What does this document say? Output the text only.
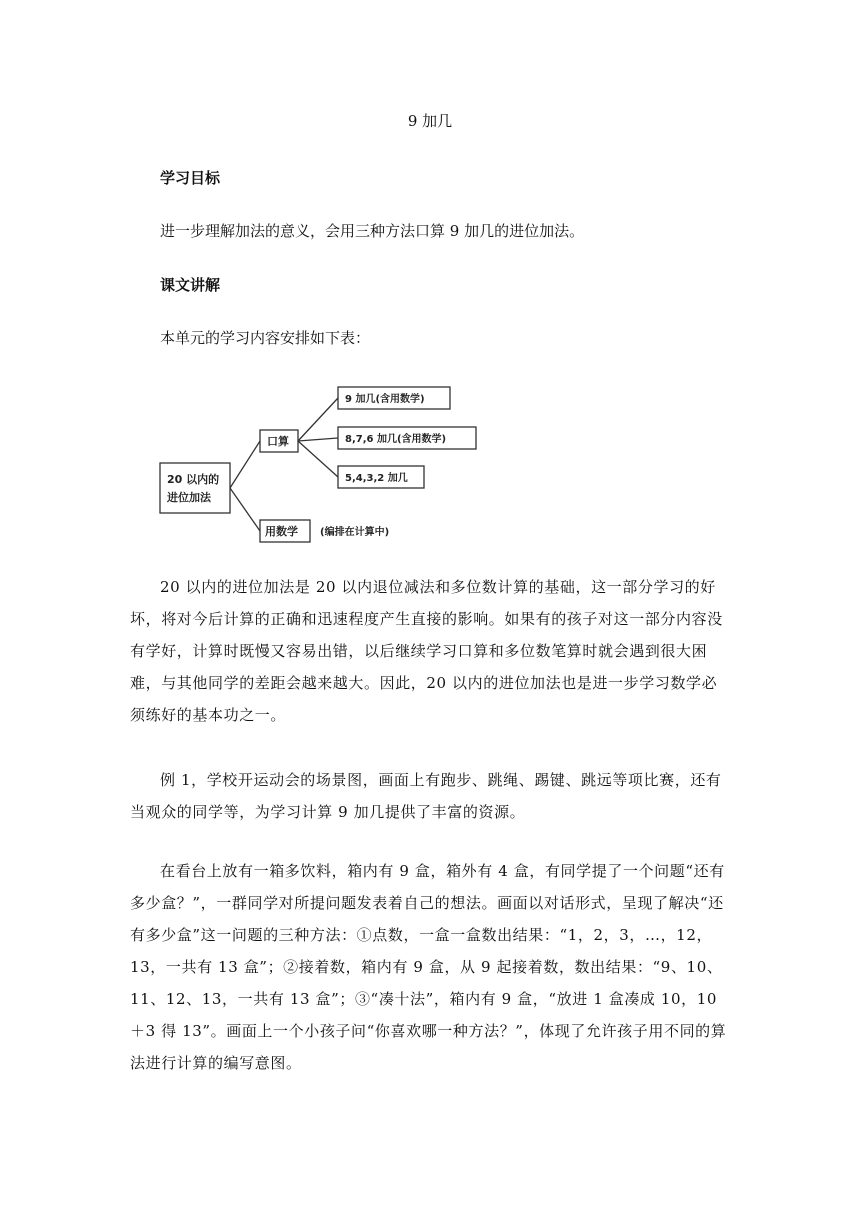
9 加几
学习目标
进一步理解加法的意义，会用三种方法口算 9 加几的进位加法。
课文讲解
本单元的学习内容安排如下表：
20 以内的
进位加法
口算
用数学 (编排在计算中)
9 加几(含用数学)
8,7,6 加几(含用数学)
5,4,3,2 加几
20 以内的进位加法是 20 以内退位减法和多位数计算的基础，这一部分学习的好坏，将对今后计算的正确和迅速程度产生直接的影响。如果有的孩子对这一部分内容没有学好，计算时既慢又容易出错，以后继续学习口算和多位数笔算时就会遇到很大困难，与其他同学的差距会越来越大。因此，20 以内的进位加法也是进一步学习数学必须练好的基本功之一。
例 1，学校开运动会的场景图，画面上有跑步、跳绳、踢键、跳远等项比赛，还有当观众的同学等，为学习计算 9 加几提供了丰富的资源。
在看台上放有一箱多饮料，箱内有 9 盒，箱外有 4 盒，有同学提了一个问题“还有多少盒？”，一群同学对所提问题发表着自己的想法。画面以对话形式，呈现了解决“还有多少盒”这一问题的三种方法：①点数，一盒一盒数出结果：“1，2，3，…，12，13，一共有 13 盒”；②接着数，箱内有 9 盒，从 9 起接着数，数出结果：“9、10、11、12、13，一共有 13 盒”；③“凑十法”，箱内有 9 盒，“放进 1 盒凑成 10，10＋3 得 13”。画面上一个小孩子问“你喜欢哪一种方法？”，体现了允许孩子用不同的算法进行计算的编写意图。
